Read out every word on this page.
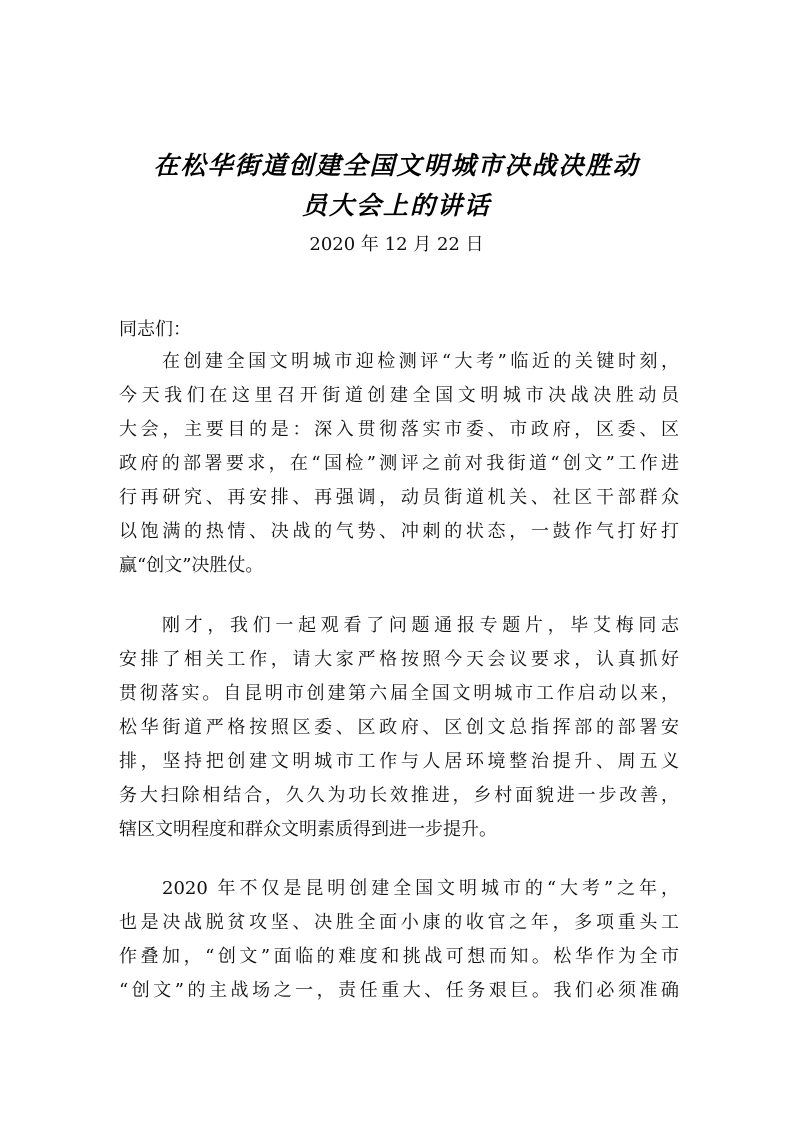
在松华街道创建全国文明城市决战决胜动
员大会上的讲话
2020 年 12 月 22 日
同志们：
在创建全国文明城市迎检测评“大考”临近的关键时刻，
今天我们在这里召开街道创建全国文明城市决战决胜动员
大会，主要目的是：深入贯彻落实市委、市政府，区委、区
政府的部署要求，在“国检”测评之前对我街道“创文”工作进
行再研究、再安排、再强调，动员街道机关、社区干部群众
以饱满的热情、决战的气势、冲刺的状态，一鼓作气打好打
赢“创文”决胜仗。
刚才，我们一起观看了问题通报专题片，毕艾梅同志
安排了相关工作，请大家严格按照今天会议要求，认真抓好
贯彻落实。自昆明市创建第六届全国文明城市工作启动以来，
松华街道严格按照区委、区政府、区创文总指挥部的部署安
排，坚持把创建文明城市工作与人居环境整治提升、周五义
务大扫除相结合，久久为功长效推进，乡村面貌进一步改善，
辖区文明程度和群众文明素质得到进一步提升。
2020 年不仅是昆明创建全国文明城市的“大考”之年，
也是决战脱贫攻坚、决胜全面小康的收官之年，多项重头工
作叠加，“创文”面临的难度和挑战可想而知。松华作为全市
“创文”的主战场之一，责任重大、任务艰巨。我们必须准确
